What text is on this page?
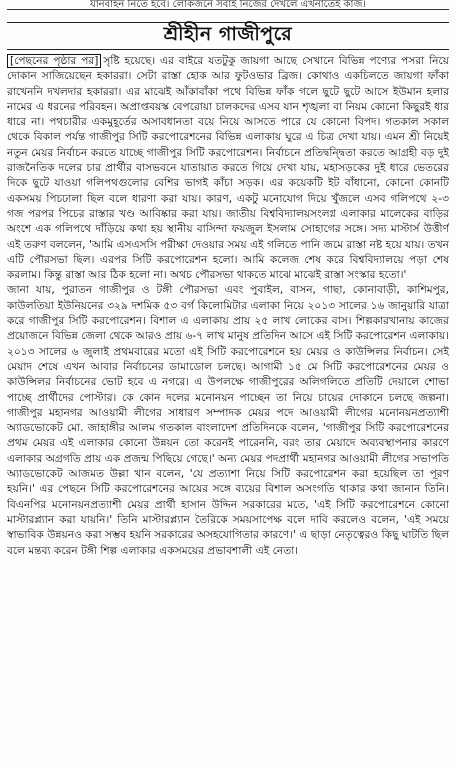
যানবাহন নিতে হবে। লোকজনে সবাই নিজের দেখলে এখনাতেই কাজ।
শ্রীহীন গাজীপুরে

[পেছনের পৃষ্ঠার পর] সৃষ্টি হয়েছে। এর বাইরে যতটুকু জায়গা আছে সেখানে বিভিন্ন পণ্যের পসরা নিয়ে দোকান সাজিয়েছেন হকাররা। সেটা রাস্তা হোক আর ফুটওভার ব্রিজ। কোথাও একচিলতে জায়গা ফাঁকা রাখেননি দখলদার হকাররা। এর মাঝেই আঁকাবাঁকা পথে বিভিন্ন ফাঁক গলে ছুটে ছুটে আসে ইউমান হলার নামের এ ধরনের পরিবহন। অপ্রাপ্তবয়স্ক বেপরোয়া চালকদের এসব যান শৃঙ্খলা বা নিয়ম কোনো কিছুরই ধার ধারে না। পথচারীর একমুহূর্তের অসাবধানতা বয়ে নিয়ে আসতে পারে যে কোনো বিপদ। গতকাল সকাল থেকে বিকাল পর্যন্ত গাজীপুর সিটি করপোরেশনের বিভিন্ন এলাকায় ঘুরে এ চিত্র দেখা যায়। এমন শ্রী নিয়েই নতুন মেয়র নির্বাচন করতে যাচ্ছে গাজীপুর সিটি করপোরেশন। নির্বাচনে প্রতিদ্বন্দ্বিতা করতে আগ্রহী বড় দুই রাজনৈতিক দলের চার প্রার্থীর বাসভবনে যাতায়াত করতে গিয়ে দেখা যায়, মহাসড়কের দুই ধারে ভেতরের দিকে ছুটে যাওয়া গলিপথগুলোর বেশির ভাগই কাঁচা সড়ক। এর কয়েকটি ইট বাঁধানো, কোনো কোনটি একসময় পিচঢালা ছিল বলে ধারণা করা যায়। কারণ, একটু মনোযোগ দিয়ে খুঁজলে এসব গলিপথে ২-৩ গজ পরপর পিচের রাস্তার খণ্ড আবিষ্কার করা যায়। জাতীয় বিশ্ববিদ্যালয়সংলগ্ন এলাকার মালেকের বাড়ির অংশে এক গলিপথে দাঁড়িয়ে কথা হয় স্থানীয় বাসিন্দা ফয়জুল ইসলাম সোহাগের সঙ্গে। সদ্য মাস্টার্স উত্তীর্ণ এই তরুণ বললেন, 'আমি এসএসসি পরীক্ষা দেওয়ার সময় এই গলিতে পানি জমে রাস্তা নষ্ট হয়ে যায়। তখন এটি পৌরসভা ছিল। এরপর সিটি করপোরেশন হলো। আমি কলেজ শেষ করে বিশ্ববিদ্যালয়ে পড়া শেষ করলাম। কিন্তু রাস্তা আর ঠিক হলো না। অথচ পৌরসভা থাকতে মাঝে মাঝেই রাস্তা সংস্কার হতো।'

জানা যায়, পুরাতন গাজীপুর ও টঙ্গী পৌরসভা এবং পুবাইল, বাসন, গাছা, কোনাবাড়ী, কাশিমপুর, কাউলতিয়া ইউনিয়নের ৩২৯ দশমিক ৫৩ বর্গ কিলোমিটার এলাকা নিয়ে ২০১৩ সালের ১৬ জানুয়ারি যাত্রা করে গাজীপুর সিটি করপোরেশন। বিশাল এ এলাকায় প্রায় ২৫ লাখ লোকের বাস। শিল্পকারখানায় কাজের প্রয়োজনে বিভিন্ন জেলা থেকে আরও প্রায় ৬-৭ লাখ মানুষ প্রতিদিন আসে এই সিটি করপোরেশন এলাকায়। ২০১৩ সালের ৬ জুলাই প্রথমবারের মতো এই সিটি করপোরেশনে হয় মেয়র ও কাউন্সিলর নির্বাচন। সেই মেয়াদ শেষে এখন আবার নির্বাচনের ডামাডোল চলছে। আগামী ১৫ মে সিটি করপোরেশনের মেয়র ও কাউন্সিলর নির্বাচনের ভোট হবে এ নগরে। এ উপলক্ষে গাজীপুরের অলিগলিতে প্রতিটি দেয়ালে শোভা পাচ্ছে প্রার্থীদের পোস্টার। কে কোন দলের মনোনয়ন পাচ্ছেন তা নিয়ে চায়ের দোকানে চলছে জল্পনা। গাজীপুর মহানগর আওয়ামী লীগের সাধারণ সম্পাদক মেয়র পদে আওয়ামী লীগের মনোনয়নপ্রত্যাশী অ্যাডভোকেট মো. জাহাঙ্গীর আলম গতকাল বাংলাদেশ প্রতিদিনকে বলেন, 'গাজীপুর সিটি করপোরেশনের প্রথম মেয়র এই এলাকার কোনো উন্নয়ন তো করেনই পারেননি, বরং তার মেয়াদে অব্যবস্থাপনার কারণে এলাকার অগ্রগতি প্রায় এক প্রজন্ম পিছিয়ে গেছে।' অন্য মেয়র পদপ্রার্থী মহানগর আওয়ামী লীগের সভাপতি অ্যাডভোকেট আজমত উল্লা খান বলেন, 'যে প্রত্যাশা নিয়ে সিটি করপোরেশন করা হয়েছিল তা পূরণ হয়নি।' এর পেছনে সিটি করপোরেশনের আয়ের সঙ্গে ব্যয়ের বিশাল অসংগতি থাকার কথা জানান তিনি। বিএনপির মনোনয়নপ্রত্যাশী মেয়র প্রার্থী হাসান উদ্দিন সরকারের মতে, 'এই সিটি করপোরেশনে কোনো মাস্টারপ্ল্যান করা যায়নি।' তিনি মাস্টারপ্ল্যান তৈরিকে সময়সাপেক্ষ বলে দাবি করলেও বলেন, 'এই সময়ে স্বাভাবিক উন্নয়নও করা সম্ভব হয়নি সরকারের অসহযোগিতার কারণে।' এ ছাড়া নেতৃত্বেরও কিছু ঘাটতি ছিল বলে মন্তব্য করেন টঙ্গী শিল্প এলাকার একসময়ের প্রভাবশালী এই নেতা।
